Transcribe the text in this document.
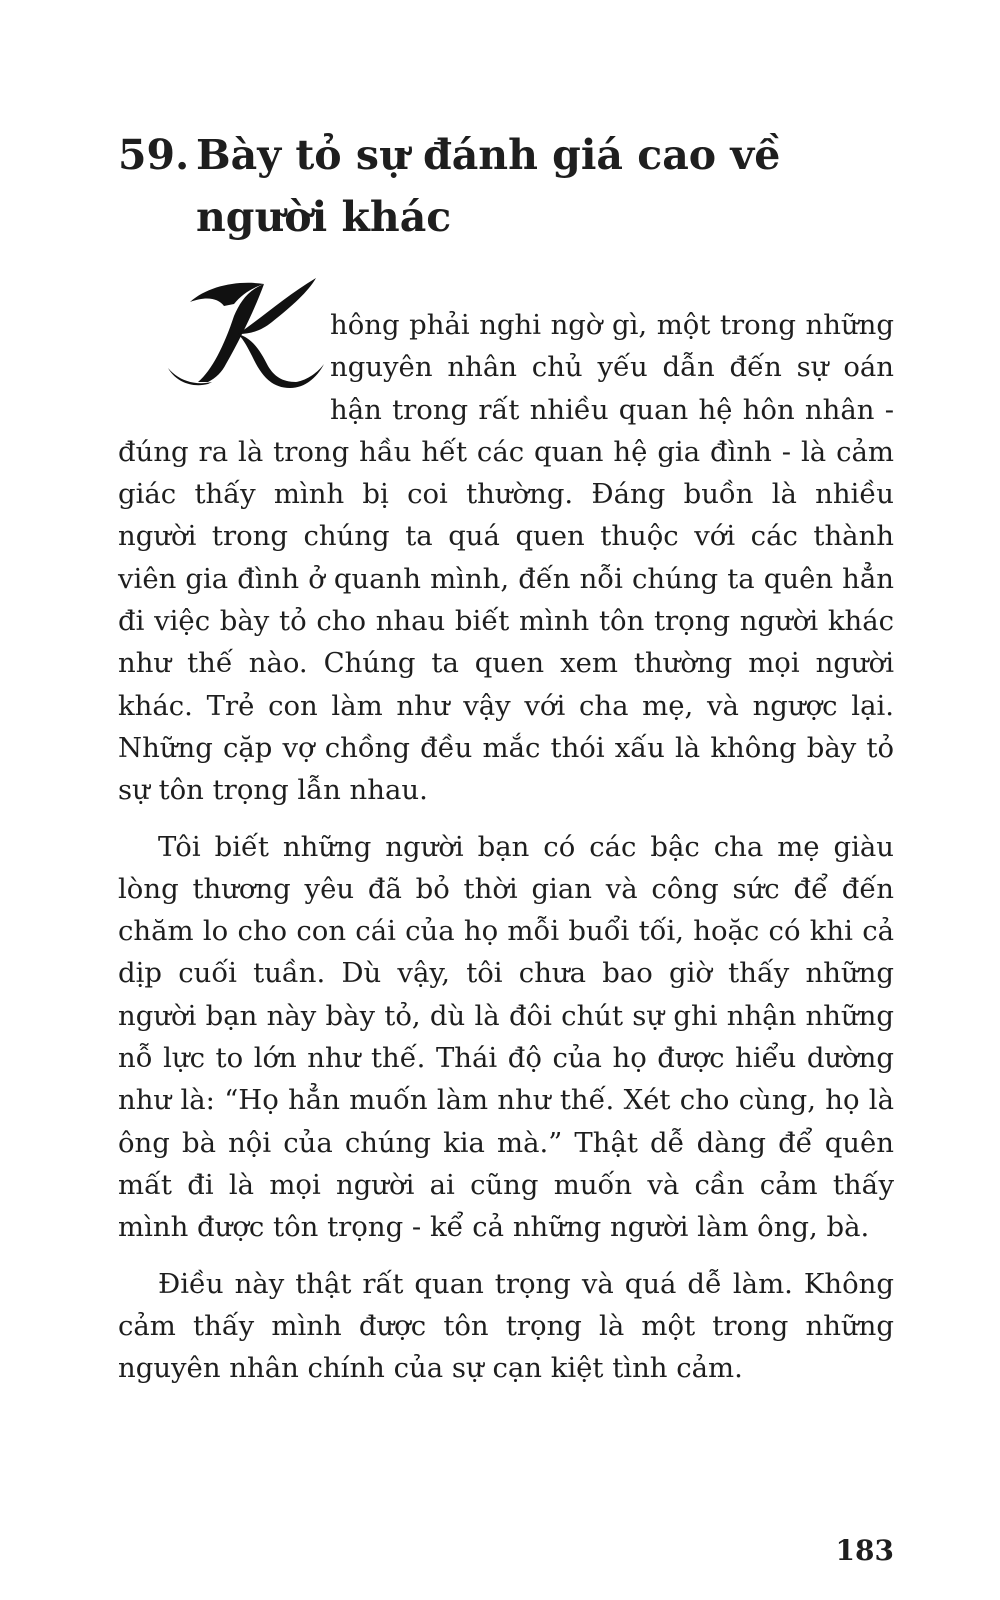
59. Bày tỏ sự đánh giá cao về
người khác

hông phải nghi ngờ gì, một trong những nguyên nhân chủ yếu dẫn đến sự oán hận trong rất nhiều quan hệ hôn nhân - đúng ra là trong hầu hết các quan hệ gia đình - là cảm giác thấy mình bị coi thường. Đáng buồn là nhiều người trong chúng ta quá quen thuộc với các thành viên gia đình ở quanh mình, đến nỗi chúng ta quên hẳn đi việc bày tỏ cho nhau biết mình tôn trọng người khác như thế nào. Chúng ta quen xem thường mọi người khác. Trẻ con làm như vậy với cha mẹ, và ngược lại. Những cặp vợ chồng đều mắc thói xấu là không bày tỏ sự tôn trọng lẫn nhau.

Tôi biết những người bạn có các bậc cha mẹ giàu lòng thương yêu đã bỏ thời gian và công sức để đến chăm lo cho con cái của họ mỗi buổi tối, hoặc có khi cả dịp cuối tuần. Dù vậy, tôi chưa bao giờ thấy những người bạn này bày tỏ, dù là đôi chút sự ghi nhận những nỗ lực to lớn như thế. Thái độ của họ được hiểu dường như là: “Họ hẳn muốn làm như thế. Xét cho cùng, họ là ông bà nội của chúng kia mà.” Thật dễ dàng để quên mất đi là mọi người ai cũng muốn và cần cảm thấy mình được tôn trọng - kể cả những người làm ông, bà.

Điều này thật rất quan trọng và quá dễ làm. Không cảm thấy mình được tôn trọng là một trong những nguyên nhân chính của sự cạn kiệt tình cảm.

183
